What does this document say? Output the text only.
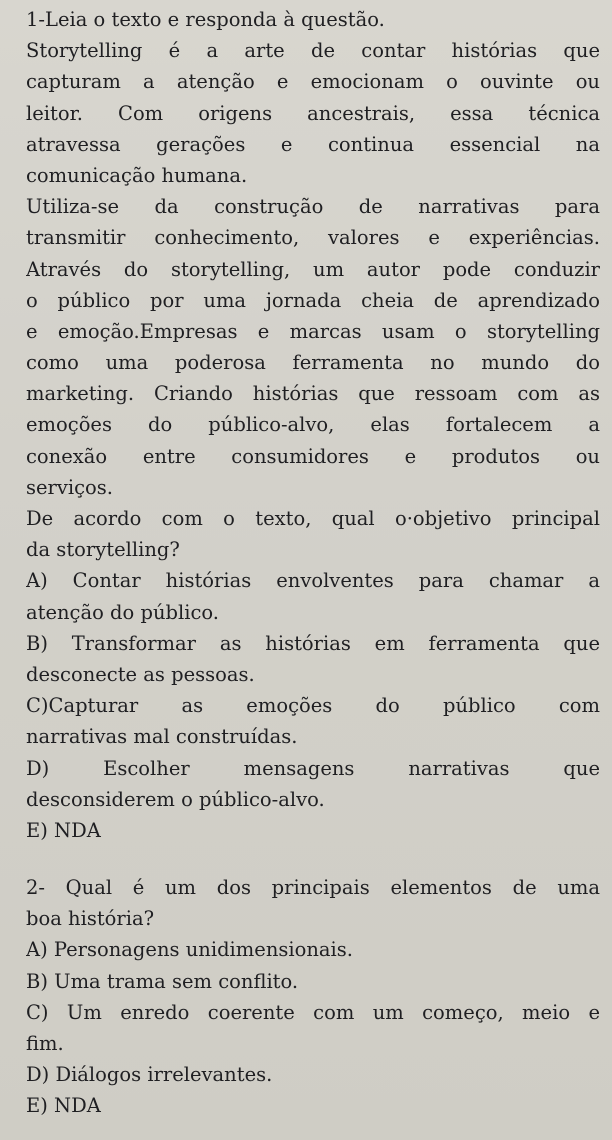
1-Leia o texto e responda à questão.
Storytelling é a arte de contar histórias que
capturam a atenção e emocionam o ouvinte ou
leitor. Com origens ancestrais, essa técnica
atravessa gerações e continua essencial na
comunicação humana.
Utiliza-se da construção de narrativas para
transmitir conhecimento, valores e experiências.
Através do storytelling, um autor pode conduzir
o público por uma jornada cheia de aprendizado
e emoção.Empresas e marcas usam o storytelling
como uma poderosa ferramenta no mundo do
marketing. Criando histórias que ressoam com as
emoções do público-alvo, elas fortalecem a
conexão entre consumidores e produtos ou
serviços.
De acordo com o texto, qual o·objetivo principal
da storytelling?
A) Contar histórias envolventes para chamar a
atenção do público.
B) Transformar as histórias em ferramenta que
desconecte as pessoas.
C)Capturar as emoções do público com
narrativas mal construídas.
D) Escolher mensagens narrativas que
desconsiderem o público-alvo.
E) NDA
2- Qual é um dos principais elementos de uma
boa história?
A) Personagens unidimensionais.
B) Uma trama sem conflito.
C) Um enredo coerente com um começo, meio e
fim.
D) Diálogos irrelevantes.
E) NDA
